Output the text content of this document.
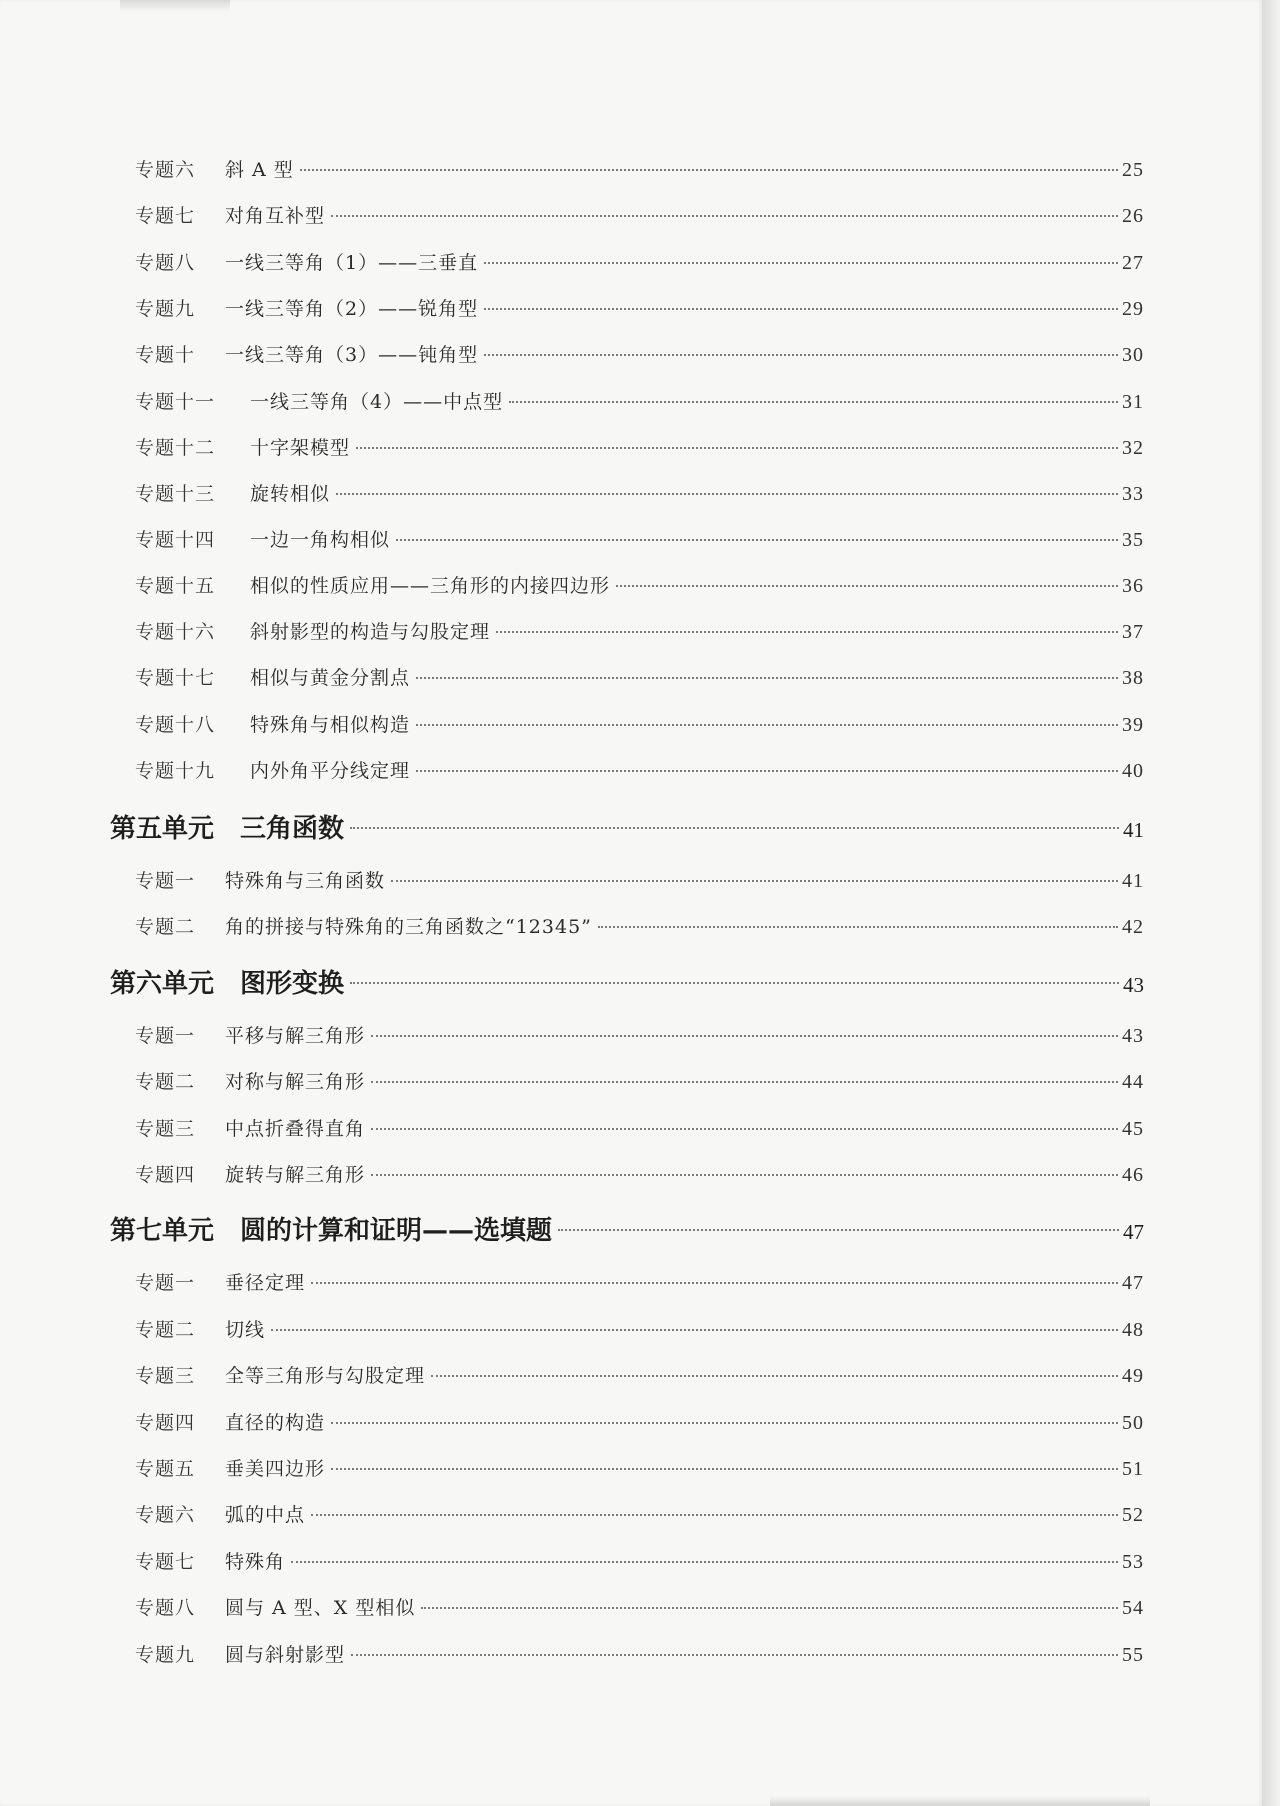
专题六	斜 A 型	25
专题七	对角互补型	26
专题八	一线三等角（1）——三垂直	27
专题九	一线三等角（2）——锐角型	29
专题十	一线三等角（3）——钝角型	30
专题十一	一线三等角（4）——中点型	31
专题十二	十字架模型	32
专题十三	旋转相似	33
专题十四	一边一角构相似	35
专题十五	相似的性质应用——三角形的内接四边形	36
专题十六	斜射影型的构造与勾股定理	37
专题十七	相似与黄金分割点	38
专题十八	特殊角与相似构造	39
专题十九	内外角平分线定理	40
第五单元 三角函数	41
专题一	特殊角与三角函数	41
专题二	角的拼接与特殊角的三角函数之“12345”	42
第六单元 图形变换	43
专题一	平移与解三角形	43
专题二	对称与解三角形	44
专题三	中点折叠得直角	45
专题四	旋转与解三角形	46
第七单元 圆的计算和证明——选填题	47
专题一	垂径定理	47
专题二	切线	48
专题三	全等三角形与勾股定理	49
专题四	直径的构造	50
专题五	垂美四边形	51
专题六	弧的中点	52
专题七	特殊角	53
专题八	圆与 A 型、X 型相似	54
专题九	圆与斜射影型	55
